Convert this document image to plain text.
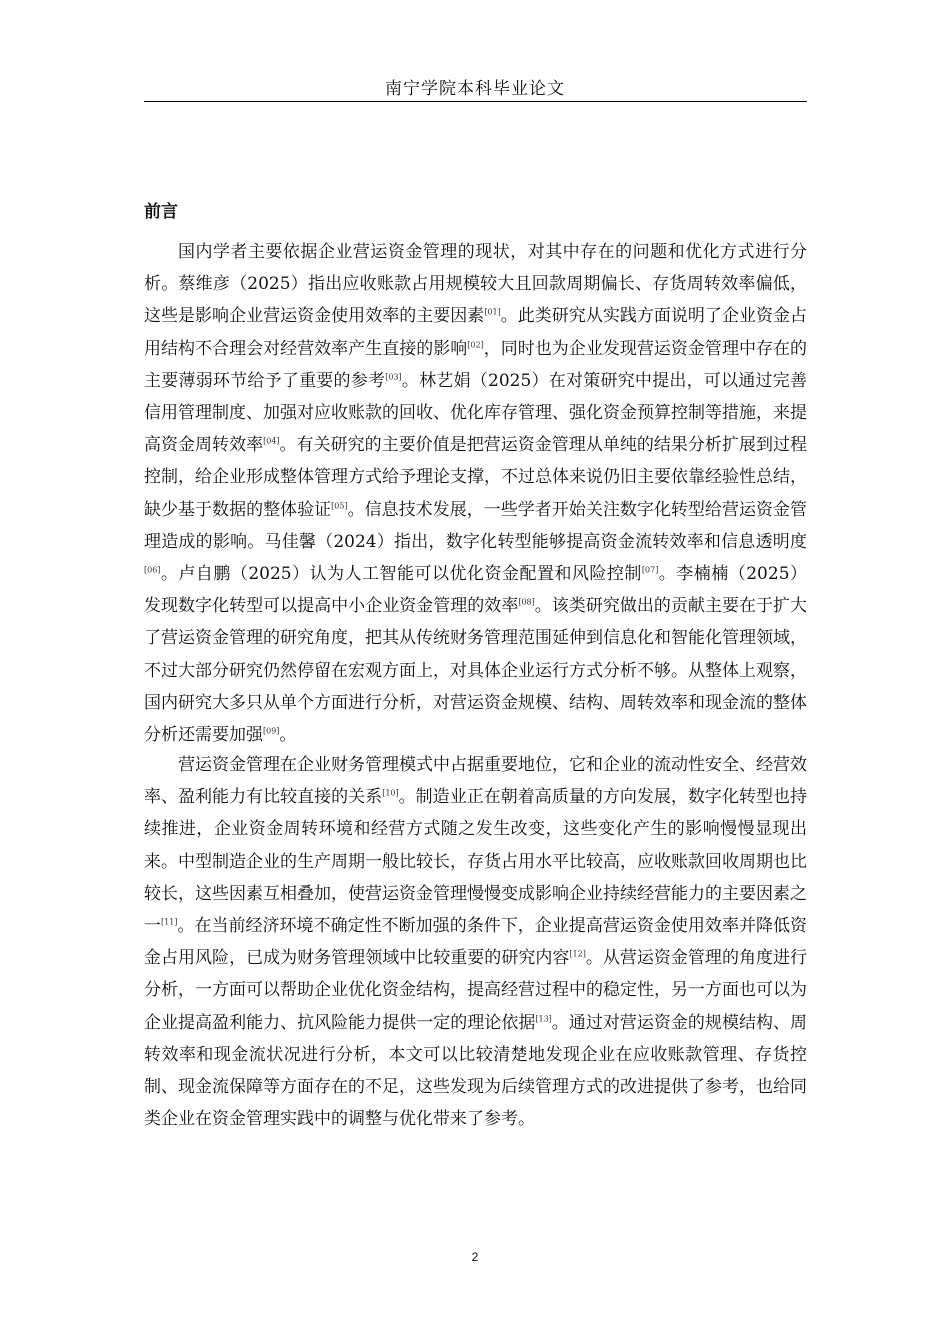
南宁学院本科毕业论文
前言

国内学者主要依据企业营运资金管理的现状，对其中存在的问题和优化方式进行分析。蔡维彦（2025）指出应收账款占用规模较大且回款周期偏长、存货周转效率偏低，这些是影响企业营运资金使用效率的主要因素[01]。此类研究从实践方面说明了企业资金占用结构不合理会对经营效率产生直接的影响[02]，同时也为企业发现营运资金管理中存在的主要薄弱环节给予了重要的参考[03]。林艺娟（2025）在对策研究中提出，可以通过完善信用管理制度、加强对应收账款的回收、优化库存管理、强化资金预算控制等措施，来提高资金周转效率[04]。有关研究的主要价值是把营运资金管理从单纯的结果分析扩展到过程控制，给企业形成整体管理方式给予理论支撑，不过总体来说仍旧主要依靠经验性总结，缺少基于数据的整体验证[05]。信息技术发展，一些学者开始关注数字化转型给营运资金管理造成的影响。马佳馨（2024）指出，数字化转型能够提高资金流转效率和信息透明度[06]。卢自鹏（2025）认为人工智能可以优化资金配置和风险控制[07]。李楠楠（2025）发现数字化转型可以提高中小企业资金管理的效率[08]。该类研究做出的贡献主要在于扩大了营运资金管理的研究角度，把其从传统财务管理范围延伸到信息化和智能化管理领域，不过大部分研究仍然停留在宏观方面上，对具体企业运行方式分析不够。从整体上观察，国内研究大多只从单个方面进行分析，对营运资金规模、结构、周转效率和现金流的整体分析还需要加强[09]。

营运资金管理在企业财务管理模式中占据重要地位，它和企业的流动性安全、经营效率、盈利能力有比较直接的关系[10]。制造业正在朝着高质量的方向发展，数字化转型也持续推进，企业资金周转环境和经营方式随之发生改变，这些变化产生的影响慢慢显现出来。中型制造企业的生产周期一般比较长，存货占用水平比较高，应收账款回收周期也比较长，这些因素互相叠加，使营运资金管理慢慢变成影响企业持续经营能力的主要因素之一[11]。在当前经济环境不确定性不断加强的条件下，企业提高营运资金使用效率并降低资金占用风险，已成为财务管理领域中比较重要的研究内容[12]。从营运资金管理的角度进行分析，一方面可以帮助企业优化资金结构，提高经营过程中的稳定性，另一方面也可以为企业提高盈利能力、抗风险能力提供一定的理论依据[13]。通过对营运资金的规模结构、周转效率和现金流状况进行分析，本文可以比较清楚地发现企业在应收账款管理、存货控制、现金流保障等方面存在的不足，这些发现为后续管理方式的改进提供了参考，也给同类企业在资金管理实践中的调整与优化带来了参考。

2
